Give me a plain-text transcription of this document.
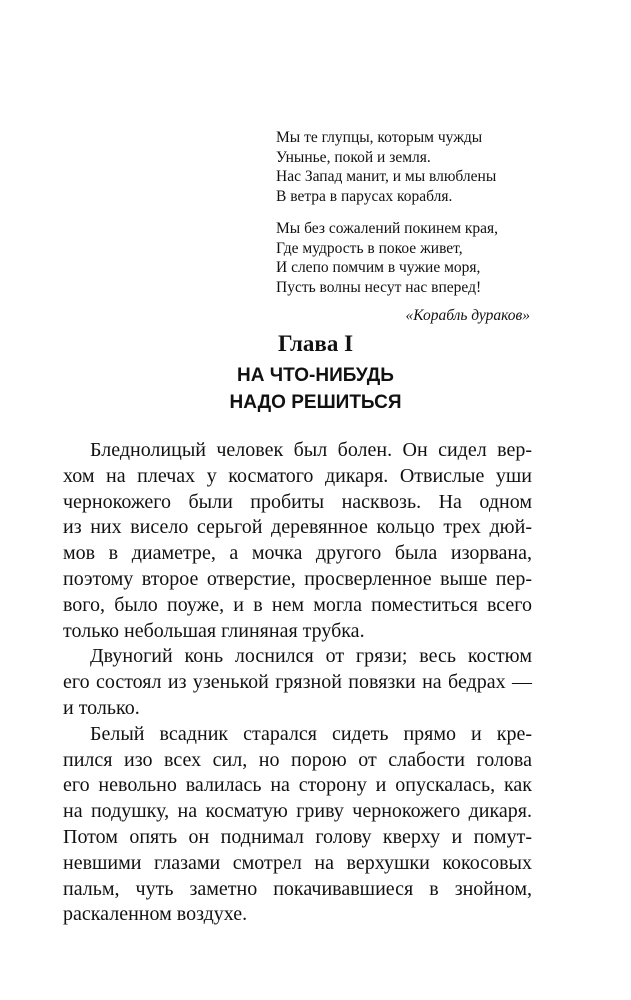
Мы те глупцы, которым чужды
Унынье, покой и земля.
Нас Запад манит, и мы влюблены
В ветра в парусах корабля.
Мы без сожалений покинем края,
Где мудрость в покое живет,
И слепо помчим в чужие моря,
Пусть волны несут нас вперед!
«Корабль дураков»
Глава I
НА ЧТО-НИБУДЬ
НАДО РЕШИТЬСЯ
Бледнолицый человек был болен. Он сидел вер-
хом на плечах у косматого дикаря. Отвислые уши
чернокожего были пробиты насквозь. На одном
из них висело серьгой деревянное кольцо трех дюй-
мов в диаметре, а мочка другого была изорвана,
поэтому второе отверстие, просверленное выше пер-
вого, было поуже, и в нем могла поместиться всего
только небольшая глиняная трубка.
Двуногий конь лоснился от грязи; весь костюм
его состоял из узенькой грязной повязки на бедрах —
и только.
Белый всадник старался сидеть прямо и кре-
пился изо всех сил, но порою от слабости голова
его невольно валилась на сторону и опускалась, как
на подушку, на косматую гриву чернокожего дикаря.
Потом опять он поднимал голову кверху и помут-
невшими глазами смотрел на верхушки кокосовых
пальм, чуть заметно покачивавшиеся в знойном,
раскаленном воздухе.
